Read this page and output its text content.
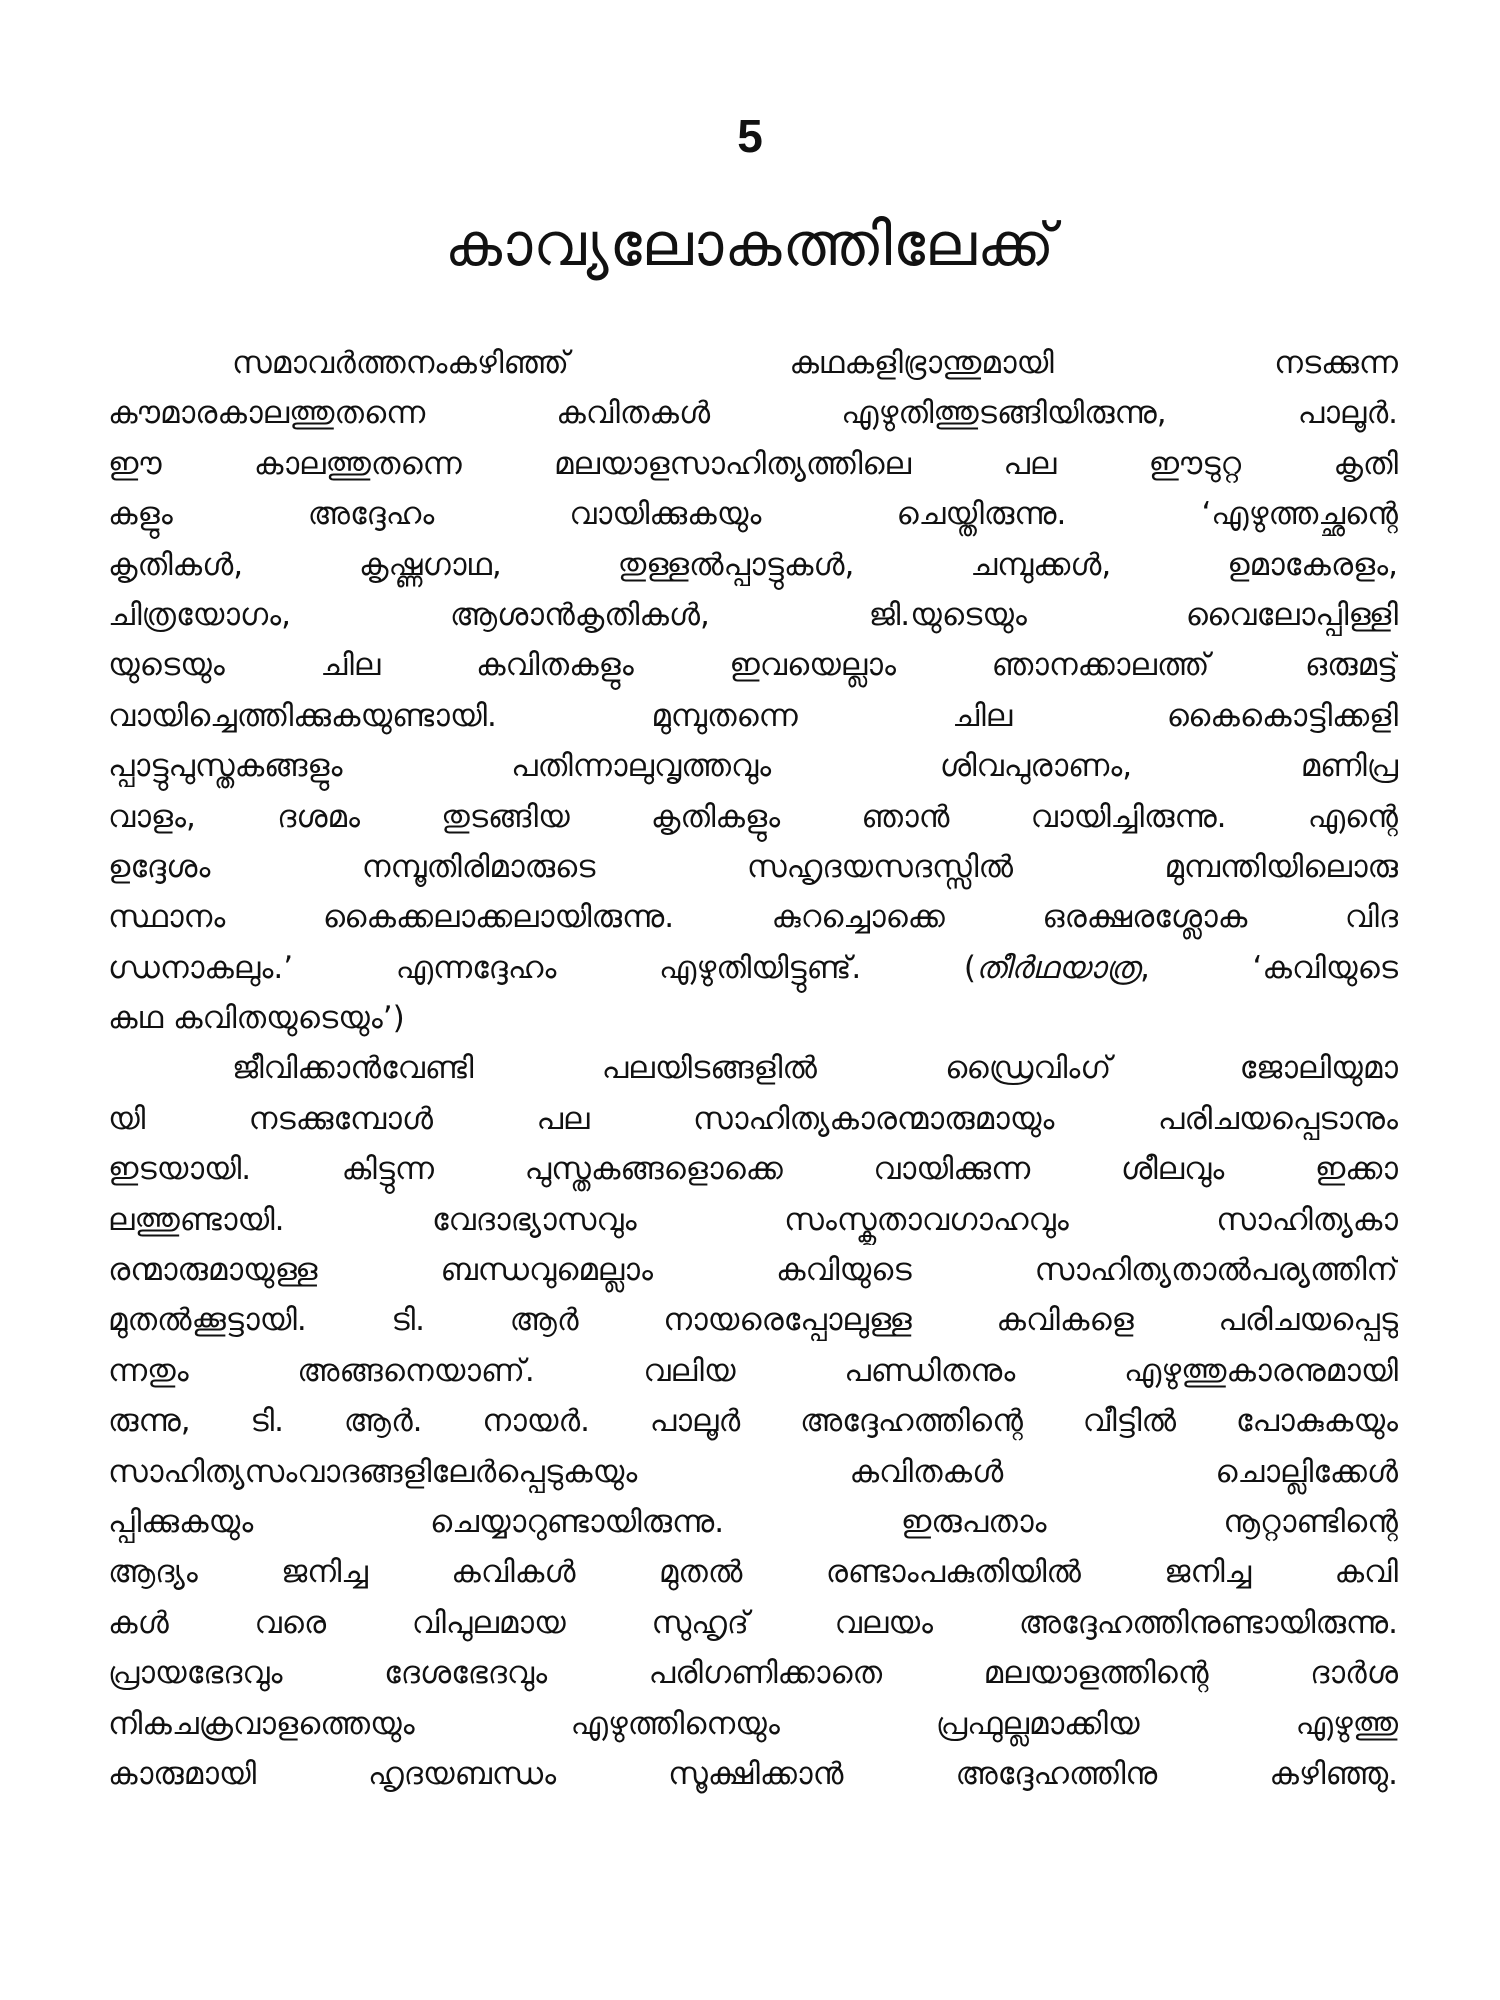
5
കാവ്യലോകത്തിലേക്ക്
സമാവർത്തനംകഴിഞ്ഞ് കഥകളിഭ്രാന്തുമായി നടക്കുന്ന
കൗമാരകാലത്തുതന്നെ കവിതകൾ എഴുതിത്തുടങ്ങിയിരുന്നു, പാലൂർ.
ഈ കാലത്തുതന്നെ മലയാളസാഹിത്യത്തിലെ പല ഈടുറ്റ കൃതി
കളും അദ്ദേഹം വായിക്കുകയും ചെയ്തിരുന്നു. ‘എഴുത്തച്ഛന്റെ
കൃതികൾ, കൃഷ്ണഗാഥ, തുള്ളൽപ്പാട്ടുകൾ, ചമ്പുക്കൾ, ഉമാകേരളം,
ചിത്രയോഗം, ആശാൻകൃതികൾ, ജി.യുടെയും വൈലോപ്പിള്ളി
യുടെയും ചില കവിതകളും ഇവയെല്ലാം ഞാനക്കാലത്ത് ഒരുമട്ട്
വായിച്ചെത്തിക്കുകയുണ്ടായി. മുമ്പുതന്നെ ചില കൈകൊട്ടിക്കളി
പ്പാട്ടുപുസ്തകങ്ങളും പതിന്നാലുവൃത്തവും ശിവപുരാണം, മണിപ്ര
വാളം, ദശമം തുടങ്ങിയ കൃതികളും ഞാൻ വായിച്ചിരുന്നു. എന്റെ
ഉദ്ദേശം നമ്പൂതിരിമാരുടെ സഹൃദയസദസ്സിൽ മുമ്പന്തിയിലൊരു
സ്ഥാനം കൈക്കലാക്കലായിരുന്നു. കുറച്ചൊക്കെ ഒരക്ഷരശ്ലോക വിദ
ഗ്ധനാകലും.’ എന്നദ്ദേഹം എഴുതിയിട്ടുണ്ട്. (തീർഥയാത്ര, ‘കവിയുടെ
കഥ കവിതയുടെയും’)
ജീവിക്കാൻവേണ്ടി പലയിടങ്ങളിൽ ഡ്രൈവിംഗ് ജോലിയുമാ
യി നടക്കുമ്പോൾ പല സാഹിത്യകാരന്മാരുമായും പരിചയപ്പെടാനും
ഇടയായി. കിട്ടുന്ന പുസ്തകങ്ങളൊക്കെ വായിക്കുന്ന ശീലവും ഇക്കാ
ലത്തുണ്ടായി. വേദാഭ്യാസവും സംസ്കൃതാവഗാഹവും സാഹിത്യകാ
രന്മാരുമായുള്ള ബന്ധവുമെല്ലാം കവിയുടെ സാഹിത്യതാൽപര്യത്തിന്
മുതൽക്കൂട്ടായി. ടി. ആർ നായരെപ്പോലുള്ള കവികളെ പരിചയപ്പെടു
ന്നതും അങ്ങനെയാണ്. വലിയ പണ്ഡിതനും എഴുത്തുകാരനുമായി
രുന്നു, ടി. ആർ. നായർ. പാലൂർ അദ്ദേഹത്തിന്റെ വീട്ടിൽ പോകുകയും
സാഹിത്യസംവാദങ്ങളിലേർപ്പെടുകയും കവിതകൾ ചൊല്ലിക്കേൾ
പ്പിക്കുകയും ചെയ്യാറുണ്ടായിരുന്നു. ഇരുപതാം നൂറ്റാണ്ടിന്റെ
ആദ്യം ജനിച്ച കവികൾ മുതൽ രണ്ടാംപകുതിയിൽ ജനിച്ച കവി
കൾ വരെ വിപുലമായ സുഹൃദ് വലയം അദ്ദേഹത്തിനുണ്ടായിരുന്നു.
പ്രായഭേദവും ദേശഭേദവും പരിഗണിക്കാതെ മലയാളത്തിന്റെ ദാർശ
നികചക്രവാളത്തെയും എഴുത്തിനെയും പ്രഫുല്ലമാക്കിയ എഴുത്തു
കാരുമായി ഹൃദയബന്ധം സൂക്ഷിക്കാൻ അദ്ദേഹത്തിനു കഴിഞ്ഞു.
